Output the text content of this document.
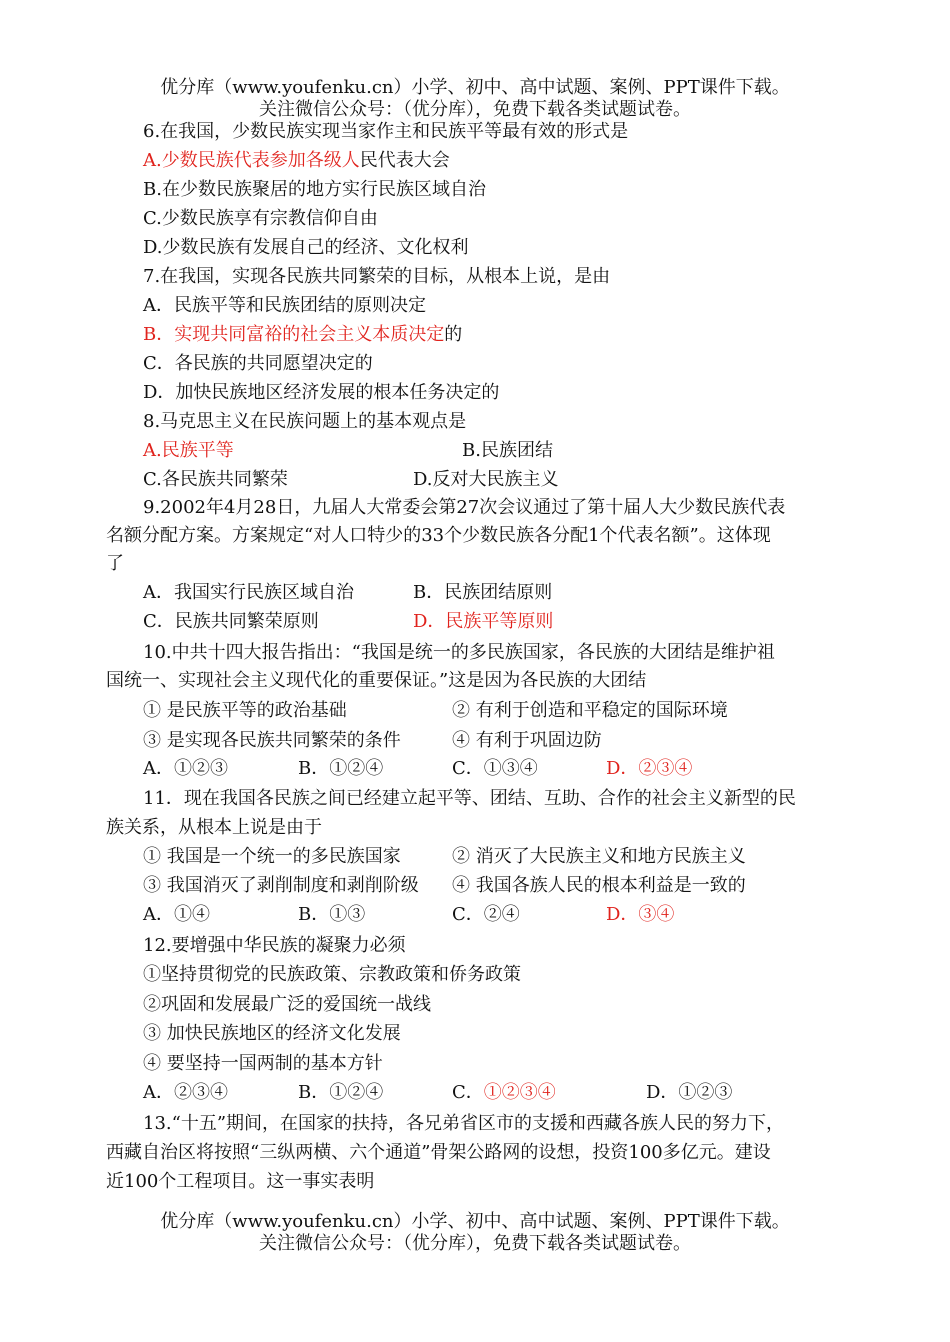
优分库（www.youfenku.cn）小学、初中、高中试题、案例、PPT课件下载。
关注微信公众号：（优分库），免费下载各类试题试卷。
6.在我国，少数民族实现当家作主和民族平等最有效的形式是
A.少数民族代表参加各级人民代表大会
B.在少数民族聚居的地方实行民族区域自治
C.少数民族享有宗教信仰自由
D.少数民族有发展自己的经济、文化权利
7.在我国，实现各民族共同繁荣的目标，从根本上说，是由
A．民族平等和民族团结的原则决定
B．实现共同富裕的社会主义本质决定的
C．各民族的共同愿望决定的
D．加快民族地区经济发展的根本任务决定的
8.马克思主义在民族问题上的基本观点是
A.民族平等	B.民族团结
C.各民族共同繁荣	D.反对大民族主义
9.2002年4月28日，九届人大常委会第27次会议通过了第十届人大少数民族代表
名额分配方案。方案规定“对人口特少的33个少数民族各分配1个代表名额”。这体现
了
A．我国实行民族区域自治	B．民族团结原则
C．民族共同繁荣原则	D．民族平等原则
10.中共十四大报告指出：“我国是统一的多民族国家，各民族的大团结是维护祖
国统一、实现社会主义现代化的重要保证。”这是因为各民族的大团结
① 是民族平等的政治基础	② 有利于创造和平稳定的国际环境
③ 是实现各民族共同繁荣的条件	④ 有利于巩固边防
A．①②③	B．①②④	C．①③④	D．②③④
11．现在我国各民族之间已经建立起平等、团结、互助、合作的社会主义新型的民
族关系，从根本上说是由于
① 我国是一个统一的多民族国家	② 消灭了大民族主义和地方民族主义
③ 我国消灭了剥削制度和剥削阶级 ④ 我国各族人民的根本利益是一致的
A．①④	B．①③	C．②④	D．③④
12.要增强中华民族的凝聚力必须
①坚持贯彻党的民族政策、宗教政策和侨务政策
②巩固和发展最广泛的爱国统一战线
③ 加快民族地区的经济文化发展
④ 要坚持一国两制的基本方针
A．②③④	B．①②④	C．①②③④	D．①②③
13.“十五”期间，在国家的扶持，各兄弟省区市的支援和西藏各族人民的努力下，
西藏自治区将按照“三纵两横、六个通道”骨架公路网的设想，投资100多亿元。建设
近100个工程项目。这一事实表明
优分库（www.youfenku.cn）小学、初中、高中试题、案例、PPT课件下载。
关注微信公众号：（优分库），免费下载各类试题试卷。
